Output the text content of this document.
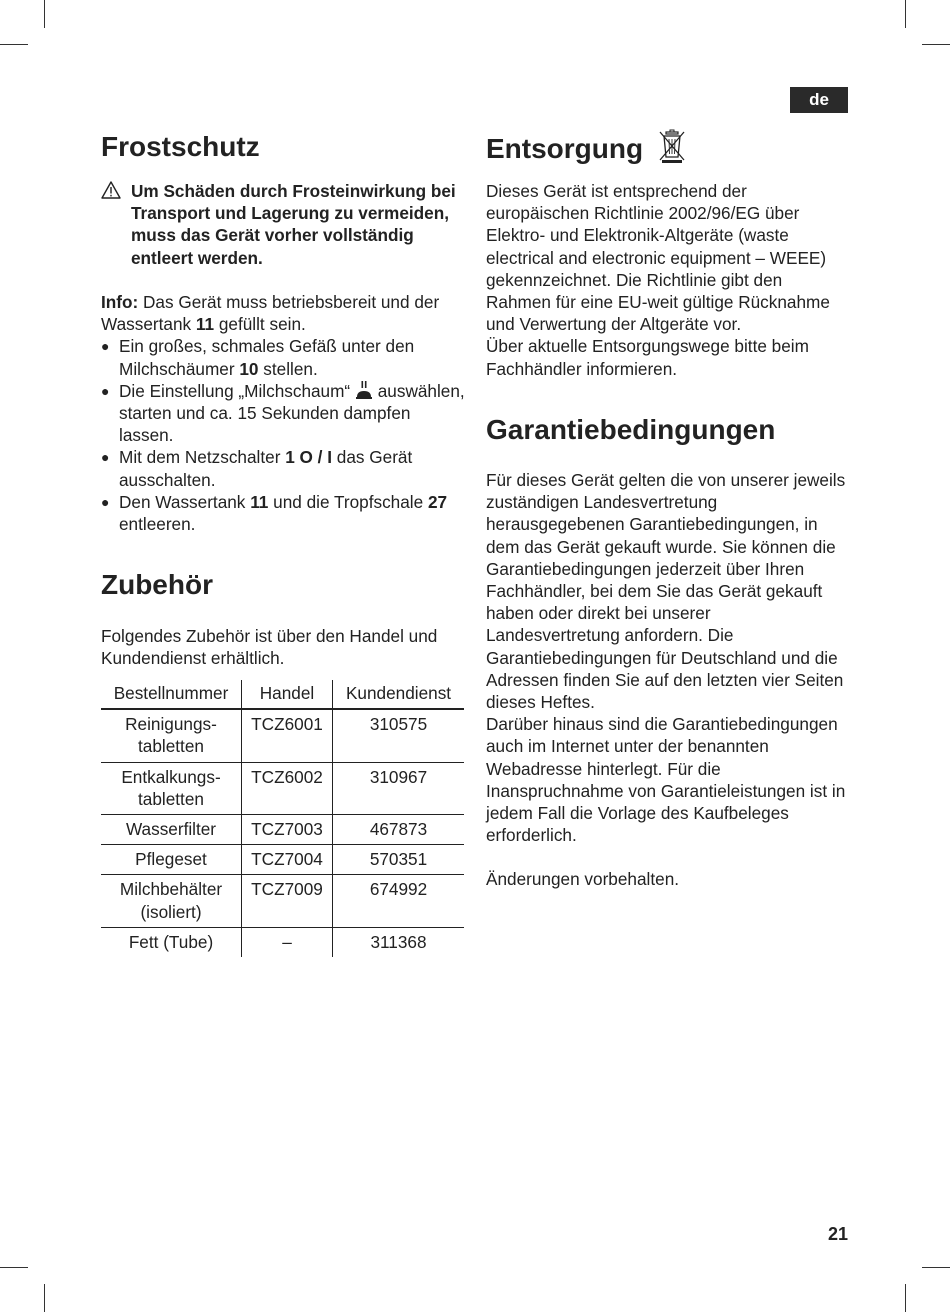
de
Frostschutz
Um Schäden durch Frosteinwirkung bei Transport und Lagerung zu vermeiden, muss das Gerät vorher vollständig entleert werden.

Info: Das Gerät muss betriebsbereit und der Wassertank 11 gefüllt sein.

● Ein großes, schmales Gefäß unter den Milchschäumer 10 stellen.
● Die Einstellung „Milchschaum“ auswählen, starten und ca. 15 Sekunden dampfen lassen.
● Mit dem Netzschalter 1 O / I das Gerät ausschalten.
● Den Wassertank 11 und die Tropfschale 27 entleeren.
Zubehör

Folgendes Zubehör ist über den Handel und Kundendienst erhältlich.

Bestellnummer	Handel	Kundendienst
Reinigungs-
tabletten	TCZ6001	310575
Entkalkungs-
tabletten	TCZ6002	310967
Wasserfilter	TCZ7003	467873
Pflegeset	TCZ7004	570351
Milchbehälter
(isoliert)	TCZ7009	674992
Fett (Tube)	–	311368
Entsorgung

Dieses Gerät ist entsprechend der europäischen Richtlinie 2002/96/EG über Elektro- und Elektronik-Altgeräte (waste electrical and electronic equipment – WEEE) gekennzeichnet. Die Richtlinie gibt den Rahmen für eine EU-weit gültige Rücknahme und Verwertung der Altgeräte vor.

Über aktuelle Entsorgungswege bitte beim Fachhändler informieren.

Garantiebedingungen

Für dieses Gerät gelten die von unserer jeweils zuständigen Landesvertretung herausgegebenen Garantiebedingungen, in dem das Gerät gekauft wurde. Sie können die Garantiebedingungen jederzeit über Ihren Fachhändler, bei dem Sie das Gerät gekauft haben oder direkt bei unserer Landesvertretung anfordern. Die Garantiebedingungen für Deutschland und die Adressen finden Sie auf den letzten vier Seiten dieses Heftes.

Darüber hinaus sind die Garantiebedingungen auch im Internet unter der benannten Webadresse hinterlegt. Für die Inanspruchnahme von Garantieleistungen ist in jedem Fall die Vorlage des Kaufbeleges erforderlich.

Änderungen vorbehalten.

21
